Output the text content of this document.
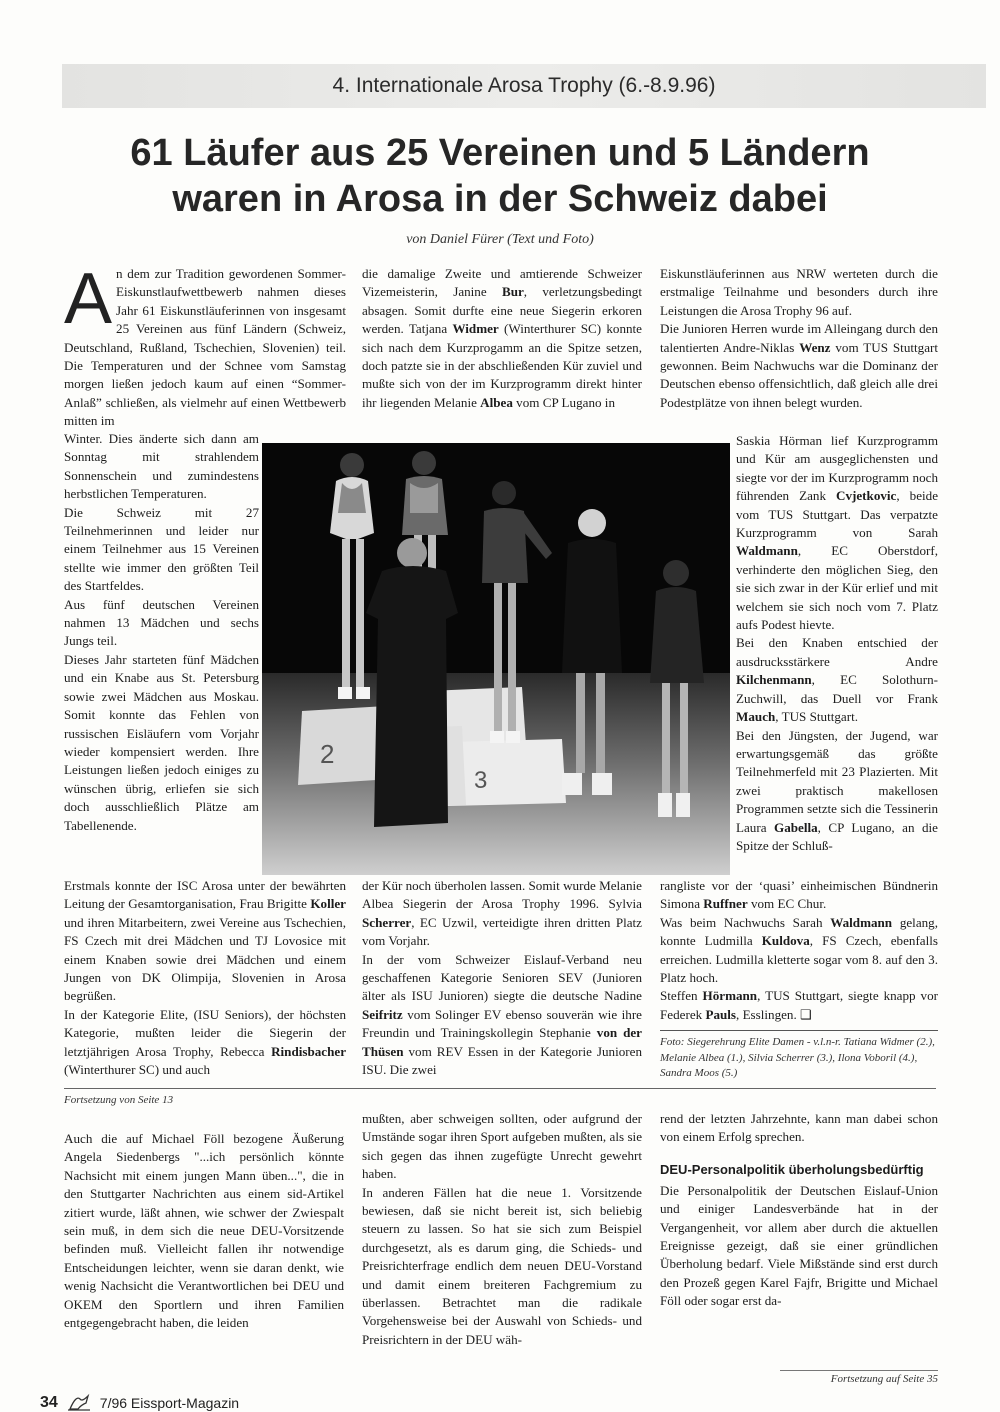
4. Internationale Arosa Trophy (6.-8.9.96)
61 Läufer aus 25 Vereinen und 5 Ländern
waren in Arosa in der Schweiz dabei
von Daniel Fürer (Text und Foto)
An dem zur Tradition gewordenen Sommer-Eiskunstlaufwettbewerb nahmen dieses Jahr 61 Eiskunstläuferinnen von insgesamt 25 Vereinen aus fünf Ländern (Schweiz, Deutschland, Rußland, Tschechien, Slovenien) teil. Die Temperaturen und der Schnee vom Samstag morgen ließen jedoch kaum auf einen “Sommer-Anlaß” schließen, als vielmehr auf einen Wettbewerb mitten im

Winter. Dies änderte sich dann am Sonntag mit strahlendem Sonnenschein und zumindestens herbstlichen Temperaturen.

Die Schweiz mit 27 Teilnehmerinnen und leider nur einem Teilnehmer aus 15 Vereinen stellte wie immer den größten Teil des Startfeldes.

Aus fünf deutschen Vereinen nahmen 13 Mädchen und sechs Jungs teil.

Dieses Jahr starteten fünf Mädchen und ein Knabe aus St. Petersburg sowie zwei Mädchen aus Moskau. Somit konnte das Fehlen von russischen Eisläufern vom Vorjahr wieder kompensiert werden. Ihre Leistungen ließen jedoch einiges zu wünschen übrig, erliefen sie sich doch ausschließlich Plätze am Tabellenende.

Erstmals konnte der ISC Arosa unter der bewährten Leitung der Gesamtorganisation, Frau Brigitte Koller und ihren Mitarbeitern, zwei Vereine aus Tschechien, FS Czech mit drei Mädchen und TJ Lovosice mit einem Knaben sowie drei Mädchen und einem Jungen von DK Olimpija, Slovenien in Arosa begrüßen.

In der Kategorie Elite, (ISU Seniors), der höchsten Kategorie, mußten leider die Siegerin der letztjährigen Arosa Trophy, Rebecca Rindisbacher (Winterthurer SC) und auch

die damalige Zweite und amtierende Schweizer Vizemeisterin, Janine Bur, verletzungsbedingt absagen. Somit durfte eine neue Siegerin erkoren werden. Tatjana Widmer (Winterthurer SC) konnte sich nach dem Kurzprogamm an die Spitze setzen, doch patzte sie in der abschließenden Kür zuviel und mußte sich von der im Kurzprogramm direkt hinter ihr liegenden Melanie Albea vom CP Lugano in

der Kür noch überholen lassen. Somit wurde Melanie Albea Siegerin der Arosa Trophy 1996. Sylvia Scherrer, EC Uzwil, verteidigte ihren dritten Platz vom Vorjahr.

In der vom Schweizer Eislauf-Verband neu geschaffenen Kategorie Senioren SEV (Junioren älter als ISU Junioren) siegte die deutsche Nadine Seifritz vom Solinger EV ebenso souverän wie ihre Freundin und Trainingskollegin Stephanie von der Thüsen vom REV Essen in der Kategorie Junioren ISU. Die zwei

Eiskunstläuferinnen aus NRW werteten durch die erstmalige Teilnahme und besonders durch ihre Leistungen die Arosa Trophy 96 auf.

Die Junioren Herren wurde im Alleingang durch den talentierten Andre-Niklas Wenz vom TUS Stuttgart gewonnen. Beim Nachwuchs war die Dominanz der Deutschen ebenso offensichtlich, daß gleich alle drei Podestplätze von ihnen belegt wurden.

Saskia Hörman lief Kurzprogramm und Kür am ausgeglichensten und siegte vor der im Kurzprogramm noch führenden Zank Cvjetkovic, beide vom TUS Stuttgart. Das verpatzte Kurzprogramm von Sarah Waldmann, EC Oberstdorf, verhinderte den möglichen Sieg, den sie sich zwar in der Kür erlief und mit welchem sie sich noch vom 7. Platz aufs Podest hievte.

Bei den Knaben entschied der ausdrucksstärkere Andre Kilchenmann, EC Solothurn-Zuchwill, das Duell vor Frank Mauch, TUS Stuttgart.

Bei den Jüngsten, der Jugend, war erwartungsgemäß das größte Teilnehmerfeld mit 23 Plazierten. Mit zwei praktisch makellosen Programmen setzte sich die Tessinerin Laura Gabella, CP Lugano, an die Spitze der Schluß-

rangliste vor der ‘quasi’ einheimischen Bündnerin Simona Ruffner vom EC Chur.

Was beim Nachwuchs Sarah Waldmann gelang, konnte Ludmilla Kuldova, FS Czech, ebenfalls erreichen. Ludmilla kletterte sogar vom 8. auf den 3. Platz hoch.

Steffen Hörmann, TUS Stuttgart, siegte knapp vor Federek Pauls, Esslingen. ❑

Foto: Siegerehrung Elite Damen - v.l.n-r. Tatiana Widmer (2.), Melanie Albea (1.), Silvia Scherrer (3.), Ilona Voboril (4.), Sandra Moos (5.)
2
3
Fortsetzung von Seite 13

Auch die auf Michael Föll bezogene Äußerung Angela Siedenbergs "...ich persönlich könnte Nachsicht mit einem jungen Mann üben...", die in den Stuttgarter Nachrichten aus einem sid-Artikel zitiert wurde, läßt ahnen, wie schwer der Zwiespalt sein muß, in dem sich die neue DEU-Vorsitzende befinden muß. Vielleicht fallen ihr notwendige Entscheidungen leichter, wenn sie daran denkt, wie wenig Nachsicht die Verantwortlichen bei DEU und OKEM den Sportlern und ihren Familien entgegengebracht haben, die leiden

mußten, aber schweigen sollten, oder aufgrund der Umstände sogar ihren Sport aufgeben mußten, als sie sich gegen das ihnen zugefügte Unrecht gewehrt haben.

In anderen Fällen hat die neue 1. Vorsitzende bewiesen, daß sie nicht bereit ist, sich beliebig steuern zu lassen. So hat sie sich zum Beispiel durchgesetzt, als es darum ging, die Schieds- und Preisrichterfrage endlich dem neuen DEU-Vorstand und damit einem breiteren Fachgremium zu überlassen. Betrachtet man die radikale Vorgehensweise bei der Auswahl von Schieds- und Preisrichtern in der DEU wäh-

rend der letzten Jahrzehnte, kann man dabei schon von einem Erfolg sprechen.

DEU-Personalpolitik überholungsbedürftig

Die Personalpolitik der Deutschen Eislauf-Union und einiger Landesverbände hat in der Vergangenheit, vor allem aber durch die aktuellen Ereignisse gezeigt, daß sie einer gründlichen Überholung bedarf. Viele Mißstände sind erst durch den Prozeß gegen Karel Fajfr, Brigitte und Michael Föll oder sogar erst da-

Fortsetzung auf Seite 35
34	7/96 Eissport-Magazin
